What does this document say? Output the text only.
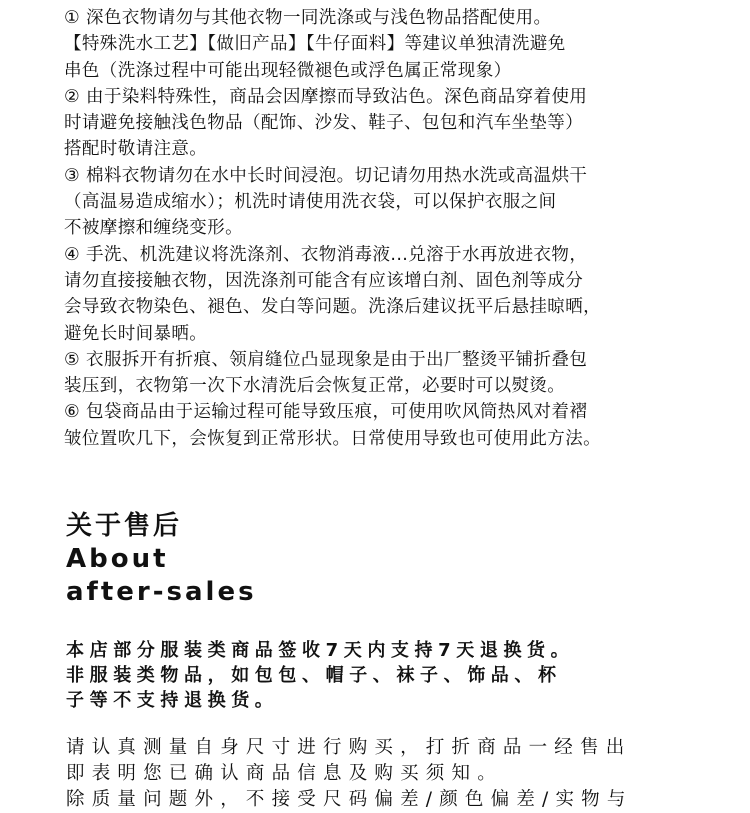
① 深色衣物请勿与其他衣物一同洗涤或与浅色物品搭配使用。

【特殊洗水工艺】【做旧产品】【牛仔面料】等建议单独清洗避免

串色（洗涤过程中可能出现轻微褪色或浮色属正常现象）

② 由于染料特殊性，商品会因摩擦而导致沾色。深色商品穿着使用

时请避免接触浅色物品（配饰、沙发、鞋子、包包和汽车坐垫等）

搭配时敬请注意。

③ 棉料衣物请勿在水中长时间浸泡。切记请勿用热水洗或高温烘干

（高温易造成缩水）；机洗时请使用洗衣袋，可以保护衣服之间

不被摩擦和缠绕变形。

④ 手洗、机洗建议将洗涤剂、衣物消毒液...兑溶于水再放进衣物，

请勿直接接触衣物，因洗涤剂可能含有应该增白剂、固色剂等成分

会导致衣物染色、褪色、发白等问题。洗涤后建议抚平后悬挂晾晒，

避免长时间暴晒。

⑤ 衣服拆开有折痕、领肩缝位凸显现象是由于出厂整烫平铺折叠包

装压到，衣物第一次下水清洗后会恢复正常，必要时可以熨烫。

⑥ 包袋商品由于运输过程可能导致压痕，可使用吹风筒热风对着褶

皱位置吹几下，会恢复到正常形状。日常使用导致也可使用此方法。

关于售后
About
after-sales

本店部分服装类商品签收7天内支持7天退换货。

非服装类物品，如包包、帽子、袜子、饰品、杯

子等不支持退换货。

请认真测量自身尺寸进行购买，打折商品一经售出

即表明您已确认商品信息及购买须知。

除质量问题外，不接受尺码偏差/颜色偏差/实物与
